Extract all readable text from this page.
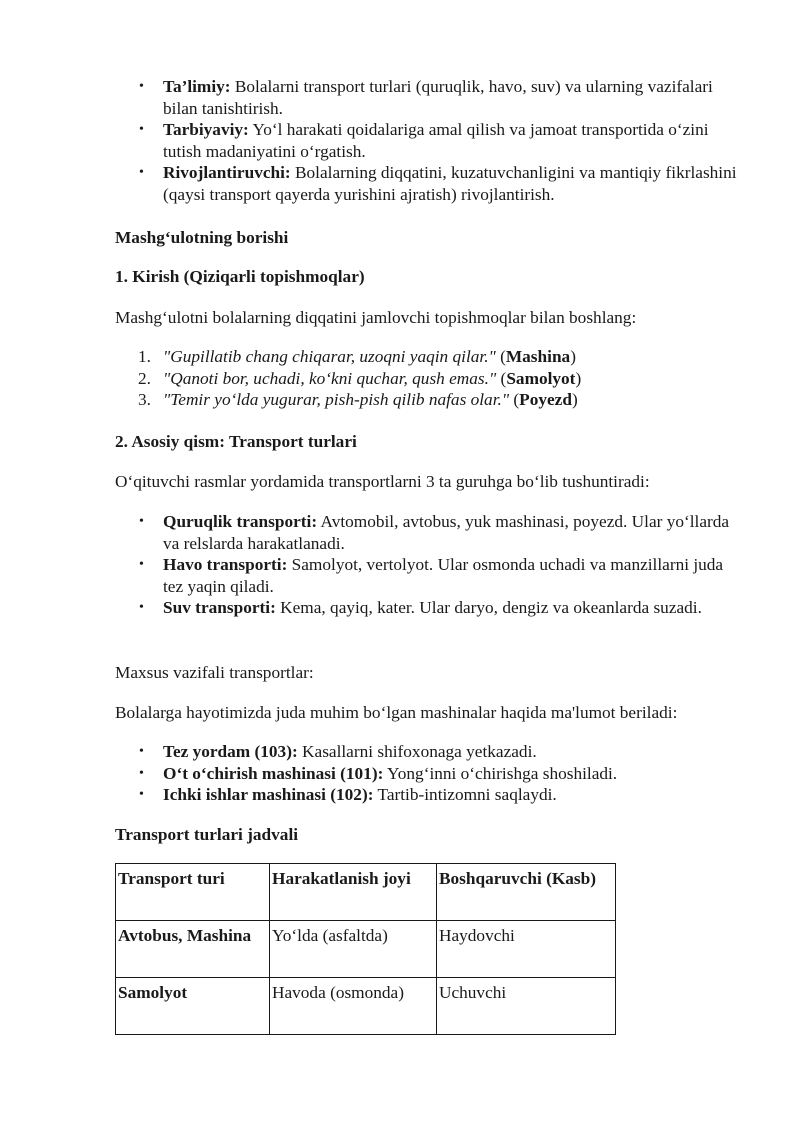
• Ta’limiy: Bolalarni transport turlari (quruqlik, havo, suv) va ularning vazifalari bilan tanishtirish.
• Tarbiyaviy: Yo‘l harakati qoidalariga amal qilish va jamoat transportida o‘zini tutish madaniyatini o‘rgatish.
• Rivojlantiruvchi: Bolalarning diqqatini, kuzatuvchanligini va mantiqiy fikrlashini (qaysi transport qayerda yurishini ajratish) rivojlantirish.
Mashg‘ulotning borishi
1. Kirish (Qiziqarli topishmoqlar)
Mashg‘ulotni bolalarning diqqatini jamlovchi topishmoqlar bilan boshlang:
1. "Gupillatib chang chiqarar, uzoqni yaqin qilar." (Mashina)
2. "Qanoti bor, uchadi, ko‘kni quchar, qush emas." (Samolyot)
3. "Temir yo‘lda yugurar, pish-pish qilib nafas olar." (Poyezd)
2. Asosiy qism: Transport turlari
O‘qituvchi rasmlar yordamida transportlarni 3 ta guruhga bo‘lib tushuntiradi:
• Quruqlik transporti: Avtomobil, avtobus, yuk mashinasi, poyezd. Ular yo‘llarda va relslarda harakatlanadi.
• Havo transporti: Samolyot, vertolyot. Ular osmonda uchadi va manzillarni juda tez yaqin qiladi.
• Suv transporti: Kema, qayiq, kater. Ular daryo, dengiz va okeanlarda suzadi.
Maxsus vazifali transportlar:
Bolalarga hayotimizda juda muhim bo‘lgan mashinalar haqida ma'lumot beriladi:
• Tez yordam (103): Kasallarni shifoxonaga yetkazadi.
• O‘t o‘chirish mashinasi (101): Yong‘inni o‘chirishga shoshiladi.
• Ichki ishlar mashinasi (102): Tartib-intizomni saqlaydi.
Transport turlari jadvali
Transport turi	Harakatlanish joyi	Boshqaruvchi (Kasb)
Avtobus, Mashina	Yo‘lda (asfaltda)	Haydovchi
Samolyot	Havoda (osmonda)	Uchuvchi
